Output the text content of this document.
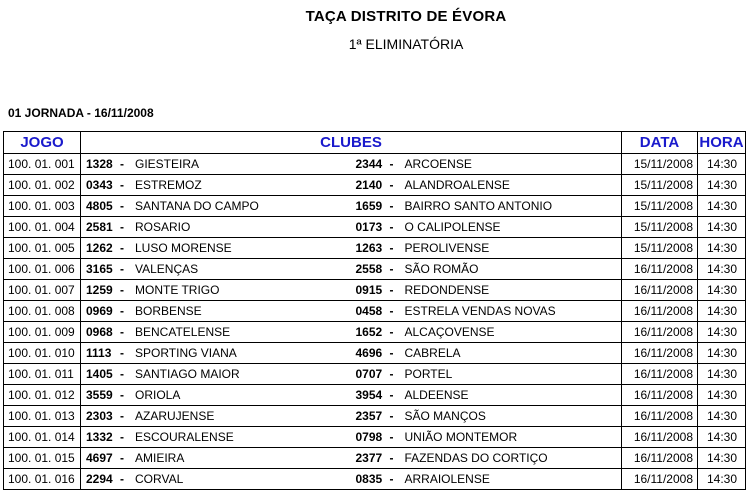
TAÇA DISTRITO DE ÉVORA
1ª ELIMINATÓRIA
01 JORNADA - 16/11/2008
JOGO	CLUBES		DATA	HORA
100. 01. 001	1328 - GIESTEIRA	2344 - ARCOENSE	15/11/2008	14:30
100. 01. 002	0343 - ESTREMOZ	2140 - ALANDROALENSE	15/11/2008	14:30
100. 01. 003	4805 - SANTANA DO CAMPO	1659 - BAIRRO SANTO ANTONIO	15/11/2008	14:30
100. 01. 004	2581 - ROSARIO	0173 - O CALIPOLENSE	15/11/2008	14:30
100. 01. 005	1262 - LUSO MORENSE	1263 - PEROLIVENSE	15/11/2008	14:30
100. 01. 006	3165 - VALENÇAS	2558 - SÃO ROMÃO	16/11/2008	14:30
100. 01. 007	1259 - MONTE TRIGO	0915 - REDONDENSE	16/11/2008	14:30
100. 01. 008	0969 - BORBENSE	0458 - ESTRELA VENDAS NOVAS	16/11/2008	14:30
100. 01. 009	0968 - BENCATELENSE	1652 - ALCAÇOVENSE	16/11/2008	14:30
100. 01. 010	1113 - SPORTING VIANA	4696 - CABRELA	16/11/2008	14:30
100. 01. 011	1405 - SANTIAGO MAIOR	0707 - PORTEL	16/11/2008	14:30
100. 01. 012	3559 - ORIOLA	3954 - ALDEENSE	16/11/2008	14:30
100. 01. 013	2303 - AZARUJENSE	2357 - SÃO MANÇOS	16/11/2008	14:30
100. 01. 014	1332 - ESCOURALENSE	0798 - UNIÃO MONTEMOR	16/11/2008	14:30
100. 01. 015	4697 - AMIEIRA	2377 - FAZENDAS DO CORTIÇO	16/11/2008	14:30
100. 01. 016	2294 - CORVAL	0835 - ARRAIOLENSE	16/11/2008	14:30
